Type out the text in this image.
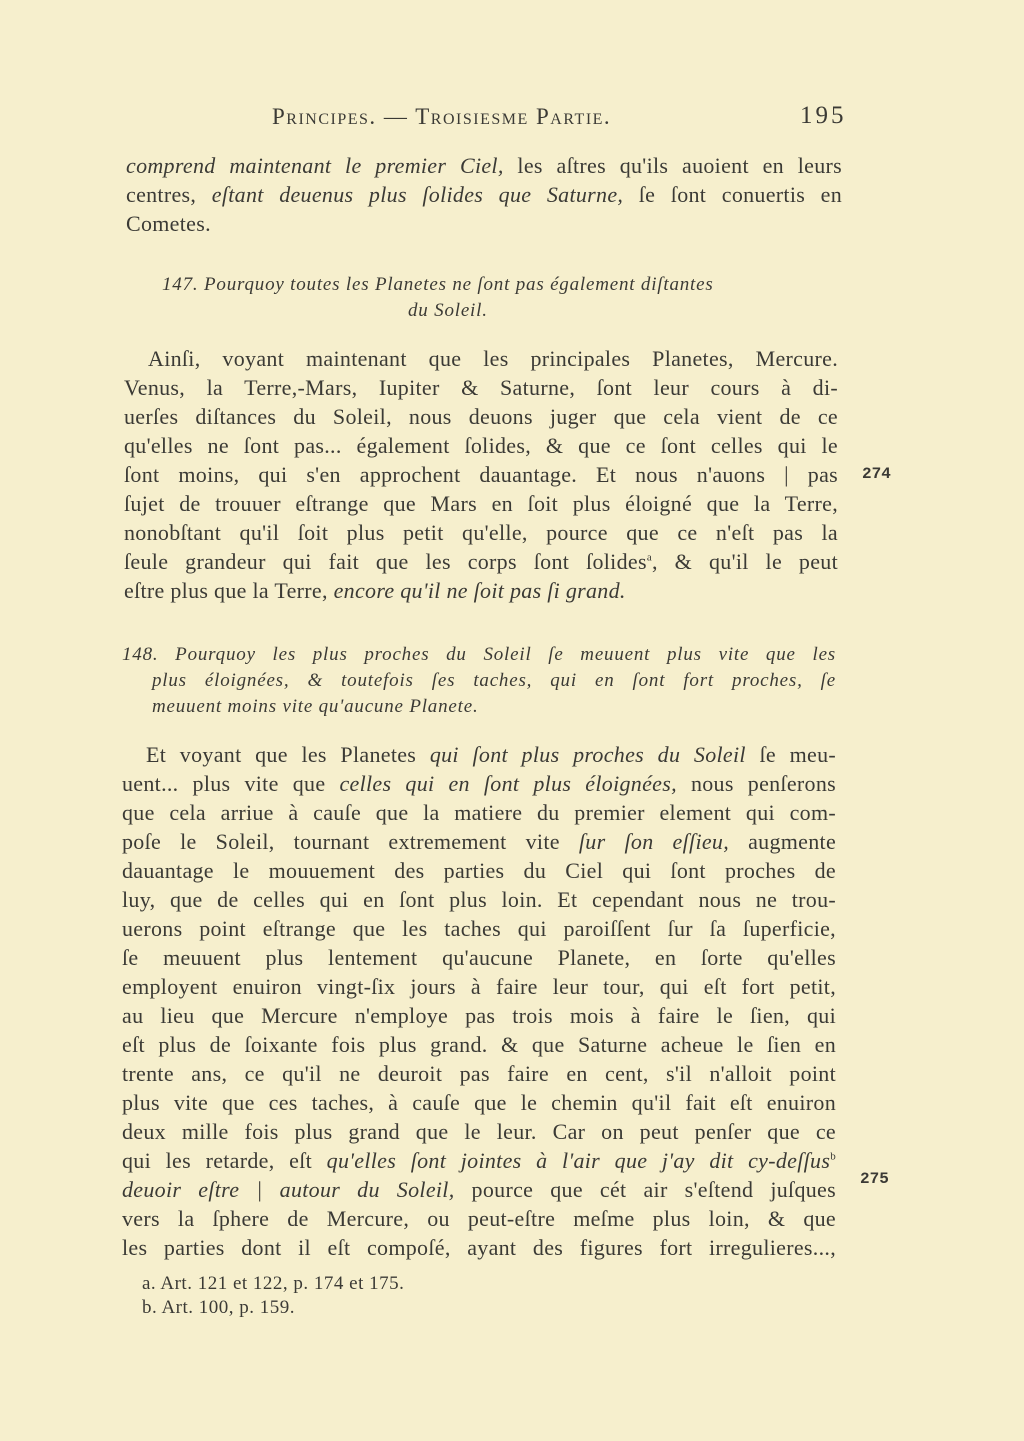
Principes. — Troisiesme Partie.	195
comprend maintenant le premier Ciel, les aſtres qu'ils auoient en leurs
centres, eſtant deuenus plus ſolides que Saturne, ſe ſont conuertis en
Cometes.
147. Pourquoy toutes les Planetes ne ſont pas également diſtantes
du Soleil.
Ainſi, voyant maintenant que les principales Planetes, Mercure.
Venus, la Terre,-Mars, Iupiter & Saturne, ſont leur cours à di-
uerſes diſtances du Soleil, nous deuons juger que cela vient de ce
qu'elles ne ſont pas... également ſolides, & que ce ſont celles qui le
ſont moins, qui s'en approchent dauantage. Et nous n'auons | pas
ſujet de trouuer eſtrange que Mars en ſoit plus éloigné que la Terre,
nonobſtant qu'il ſoit plus petit qu'elle, pource que ce n'eſt pas la
ſeule grandeur qui fait que les corps ſont ſolides$^a$, & qu'il le peut
eſtre plus que la Terre, encore qu'il ne ſoit pas ſi grand.
274
148. Pourquoy les plus proches du Soleil ſe meuuent plus vite que les
plus éloignées, & toutefois ſes taches, qui en ſont fort proches, ſe
meuuent moins vite qu'aucune Planete.
Et voyant que les Planetes qui ſont plus proches du Soleil ſe meu-
uent... plus vite que celles qui en ſont plus éloignées, nous penſerons
que cela arriue à cauſe que la matiere du premier element qui com-
poſe le Soleil, tournant extremement vite ſur ſon eſſieu, augmente
dauantage le mouuement des parties du Ciel qui ſont proches de
luy, que de celles qui en ſont plus loin. Et cependant nous ne trou-
uerons point eſtrange que les taches qui paroiſſent ſur ſa ſuperficie,
ſe meuuent plus lentement qu'aucune Planete, en ſorte qu'elles
employent enuiron vingt-ſix jours à faire leur tour, qui eſt fort petit,
au lieu que Mercure n'employe pas trois mois à faire le ſien, qui
eſt plus de ſoixante fois plus grand. & que Saturne acheue le ſien en
trente ans, ce qu'il ne deuroit pas faire en cent, s'il n'alloit point
plus vite que ces taches, à cauſe que le chemin qu'il fait eſt enuiron
deux mille fois plus grand que le leur. Car on peut penſer que ce
qui les retarde, eſt qu'elles ſont jointes à l'air que j'ay dit cy-deſſus$^b$
deuoir eſtre | autour du Soleil, pource que cét air s'eſtend juſques
vers la ſphere de Mercure, ou peut-eſtre meſme plus loin, & que
les parties dont il eſt compoſé, ayant des figures fort irregulieres...,
275
a. Art. 121 et 122, p. 174 et 175.
b. Art. 100, p. 159.
